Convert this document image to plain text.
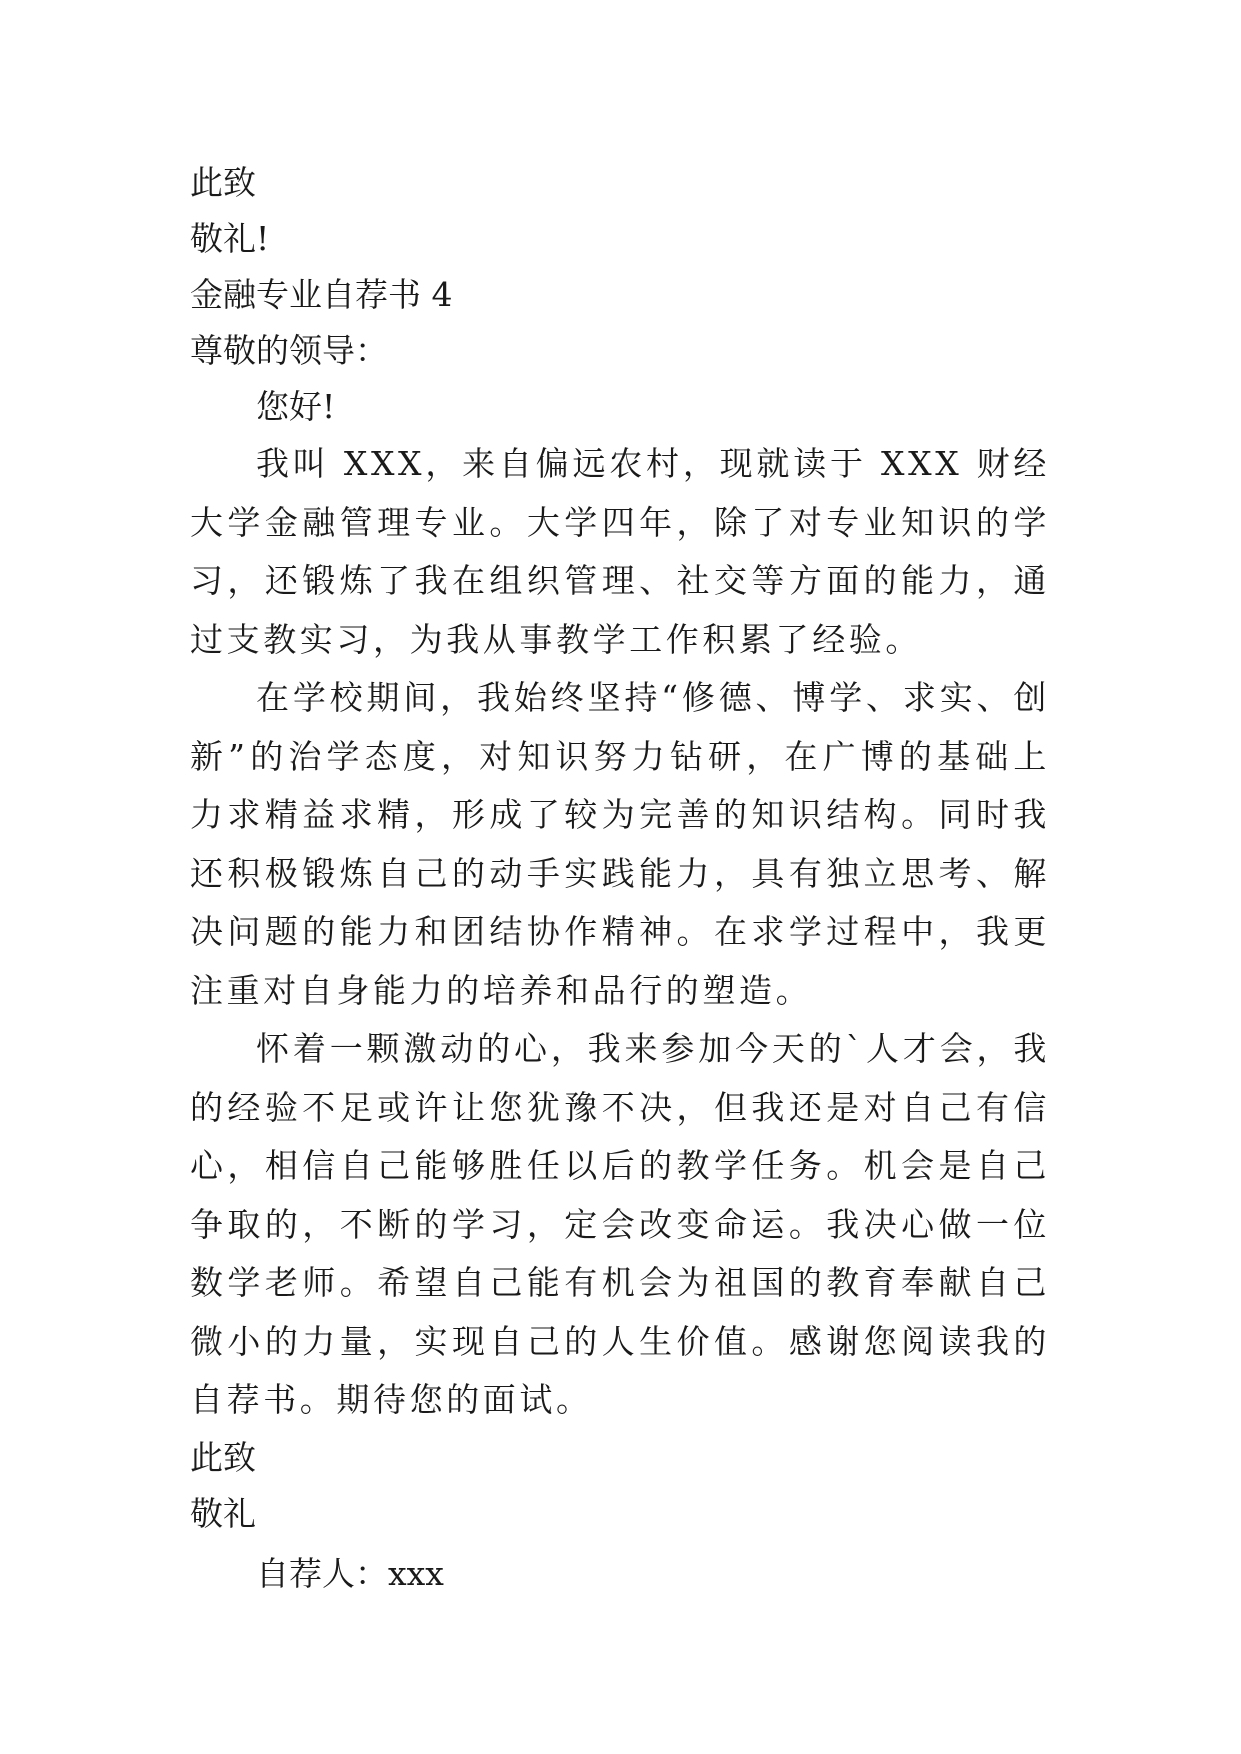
此致

敬礼!

金融专业自荐书 4

尊敬的领导：

您好!

我叫 XXX，来自偏远农村，现就读于 XXX 财经大学金融管理专业。大学四年，除了对专业知识的学习，还锻炼了我在组织管理、社交等方面的能力，通过支教实习，为我从事教学工作积累了经验。

在学校期间，我始终坚持“修德、博学、求实、创新”的治学态度，对知识努力钻研，在广博的基础上力求精益求精，形成了较为完善的知识结构。同时我还积极锻炼自己的动手实践能力，具有独立思考、解决问题的能力和团结协作精神。在求学过程中，我更注重对自身能力的培养和品行的塑造。

怀着一颗激动的心，我来参加今天的`人才会，我的经验不足或许让您犹豫不决，但我还是对自己有信心，相信自己能够胜任以后的教学任务。机会是自己争取的，不断的学习，定会改变命运。我决心做一位数学老师。希望自己能有机会为祖国的教育奉献自己微小的力量，实现自己的人生价值。感谢您阅读我的自荐书。期待您的面试。

此致

敬礼

自荐人：xxx
